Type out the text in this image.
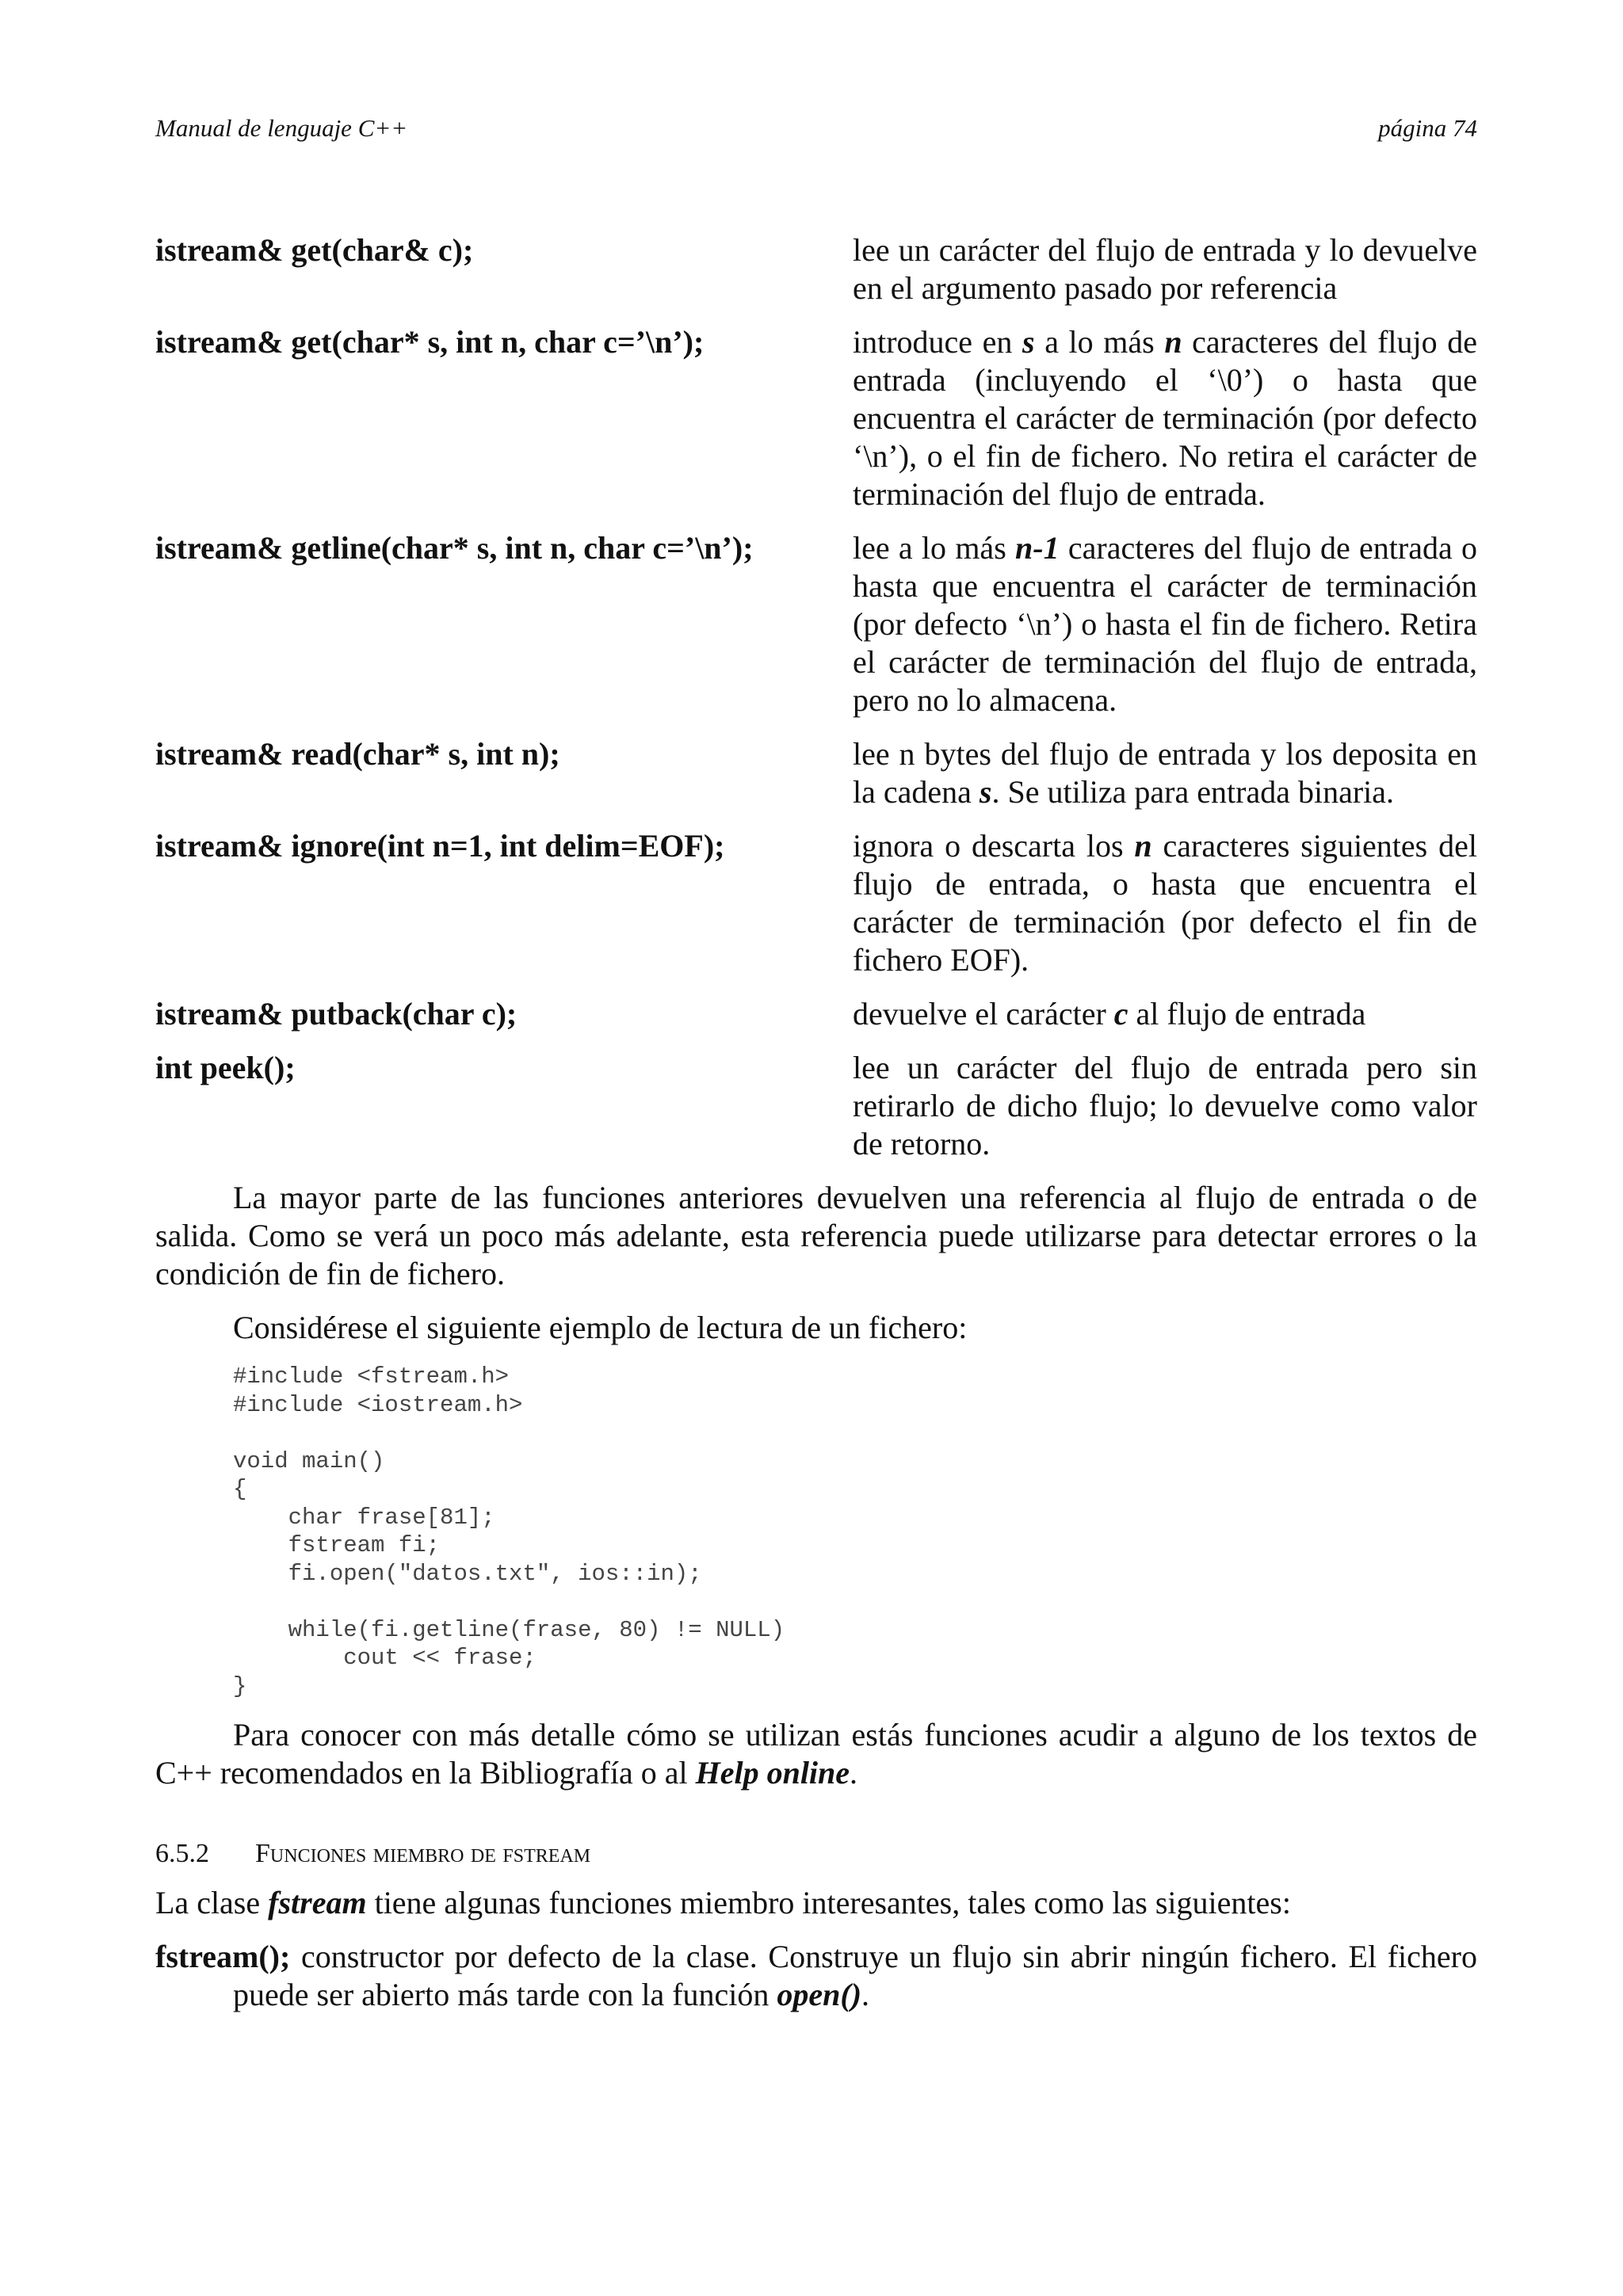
Manual de lenguaje C++	página 74
istream& get(char& c);	lee un carácter del flujo de entrada y lo devuelve en el argumento pasado por referencia
istream& get(char* s, int n, char c=’\n’);	introduce en s a lo más n caracteres del flujo de entrada (incluyendo el ‘\0’) o hasta que encuentra el carácter de terminación (por defecto ‘\n’), o el fin de fichero. No retira el carácter de terminación del flujo de entrada.
istream& getline(char* s, int n, char c=’\n’);	lee a lo más n-1 caracteres del flujo de entrada o hasta que encuentra el carácter de terminación (por defecto ‘\n’) o hasta el fin de fichero. Retira el carácter de terminación del flujo de entrada, pero no lo almacena.
istream& read(char* s, int n);	lee n bytes del flujo de entrada y los deposita en la cadena s. Se utiliza para entrada binaria.
istream& ignore(int n=1, int delim=EOF);	ignora o descarta los n caracteres siguientes del flujo de entrada, o hasta que encuentra el carácter de terminación (por defecto el fin de fichero EOF).
istream& putback(char c);	devuelve el carácter c al flujo de entrada
int peek();	lee un carácter del flujo de entrada pero sin retirarlo de dicho flujo; lo devuelve como valor de retorno.

La mayor parte de las funciones anteriores devuelven una referencia al flujo de entrada o de salida. Como se verá un poco más adelante, esta referencia puede utilizarse para detectar errores o la condición de fin de fichero.

Considérese el siguiente ejemplo de lectura de un fichero:

#include <fstream.h>
#include <iostream.h>

void main()
{
char frase[81];
fstream fi;
fi.open("datos.txt", ios::in);

while(fi.getline(frase, 80) != NULL)
cout << frase;
}

Para conocer con más detalle cómo se utilizan estás funciones acudir a alguno de los textos de C++ recomendados en la Bibliografía o al Help online.

6.5.2 Funciones miembro de fstream

La clase fstream tiene algunas funciones miembro interesantes, tales como las siguientes:

fstream(); constructor por defecto de la clase. Construye un flujo sin abrir ningún fichero. El fichero puede ser abierto más tarde con la función open().
